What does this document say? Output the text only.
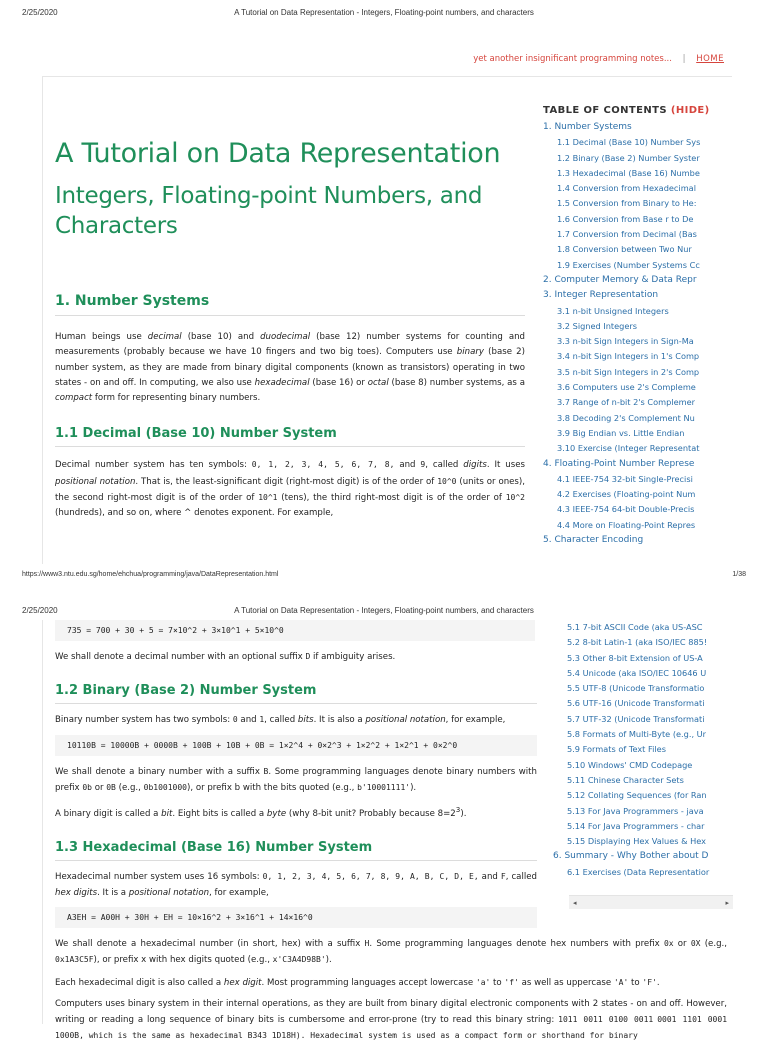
2/25/2020	A Tutorial on Data Representation - Integers, Floating-point numbers, and characters
yet another insignificant programming notes... | HOME
A Tutorial on Data Representation
Integers, Floating-point Numbers, and Characters
1. Number Systems

Human beings use decimal (base 10) and duodecimal (base 12) number systems for counting and measurements (probably because we have 10 fingers and two big toes). Computers use binary (base 2) number system, as they are made from binary digital components (known as transistors) operating in two states - on and off. In computing, we also use hexadecimal (base 16) or octal (base 8) number systems, as a compact form for representing binary numbers.

1.1 Decimal (Base 10) Number System

Decimal number system has ten symbols: 0, 1, 2, 3, 4, 5, 6, 7, 8, and 9, called digits. It uses positional notation. That is, the least-significant digit (right-most digit) is of the order of 10^0 (units or ones), the second right-most digit is of the order of 10^1 (tens), the third right-most digit is of the order of 10^2 (hundreds), and so on, where ^ denotes exponent. For example,

TABLE OF CONTENTS (HIDE)
1. Number Systems
1.1 Decimal (Base 10) Number Sys
1.2 Binary (Base 2) Number Syster
1.3 Hexadecimal (Base 16) Numbe
1.4 Conversion from Hexadecimal
1.5 Conversion from Binary to He:
1.6 Conversion from Base r to De
1.7 Conversion from Decimal (Bas
1.8 Conversion between Two Nur
1.9 Exercises (Number Systems Cc
2. Computer Memory & Data Repr
3. Integer Representation
3.1 n-bit Unsigned Integers
3.2 Signed Integers
3.3 n-bit Sign Integers in Sign-Ma
3.4 n-bit Sign Integers in 1's Comp
3.5 n-bit Sign Integers in 2's Comp
3.6 Computers use 2's Compleme
3.7 Range of n-bit 2's Complemer
3.8 Decoding 2's Complement Nu
3.9 Big Endian vs. Little Endian
3.10 Exercise (Integer Representat
4. Floating-Point Number Represe
4.1 IEEE-754 32-bit Single-Precisi
4.2 Exercises (Floating-point Num
4.3 IEEE-754 64-bit Double-Precis
4.4 More on Floating-Point Repres
5. Character Encoding
https://www3.ntu.edu.sg/home/ehchua/programming/java/DataRepresentation.html	1/38
2/25/2020	A Tutorial on Data Representation - Integers, Floating-point numbers, and characters
735 = 700 + 30 + 5 = 7×10^2 + 3×10^1 + 5×10^0

We shall denote a decimal number with an optional suffix D if ambiguity arises.

1.2 Binary (Base 2) Number System

Binary number system has two symbols: 0 and 1, called bits. It is also a positional notation, for example,

10110B = 10000B + 0000B + 100B + 10B + 0B = 1×2^4 + 0×2^3 + 1×2^2 + 1×2^1 + 0×2^0

We shall denote a binary number with a suffix B. Some programming languages denote binary numbers with prefix 0b or 0B (e.g., 0b1001000), or prefix b with the bits quoted (e.g., b'10001111').

A binary digit is called a bit. Eight bits is called a byte (why 8-bit unit? Probably because $8=2^3$).

1.3 Hexadecimal (Base 16) Number System

Hexadecimal number system uses 16 symbols: 0, 1, 2, 3, 4, 5, 6, 7, 8, 9, A, B, C, D, E, and F, called hex digits. It is a positional notation, for example,

A3EH = A00H + 30H + EH = 10×16^2 + 3×16^1 + 14×16^0

We shall denote a hexadecimal number (in short, hex) with a suffix H. Some programming languages denote hex numbers with prefix 0x or 0X (e.g., 0x1A3C5F), or prefix x with hex digits quoted (e.g., x'C3A4D98B').

Each hexadecimal digit is also called a hex digit. Most programming languages accept lowercase 'a' to 'f' as well as uppercase 'A' to 'F'.

Computers uses binary system in their internal operations, as they are built from binary digital electronic components with 2 states - on and off. However, writing or reading a long sequence of binary bits is cumbersome and error-prone (try to read this binary string: 1011 0011 0100 0011 0001 1101 0001 1000B, which is the same as hexadecimal B343 1D18H). Hexadecimal system is used as a compact form or shorthand for binary

5.1 7-bit ASCII Code (aka US-ASC
5.2 8-bit Latin-1 (aka ISO/IEC 885!
5.3 Other 8-bit Extension of US-A
5.4 Unicode (aka ISO/IEC 10646 U
5.5 UTF-8 (Unicode Transformatio
5.6 UTF-16 (Unicode Transformati
5.7 UTF-32 (Unicode Transformati
5.8 Formats of Multi-Byte (e.g., Ur
5.9 Formats of Text Files
5.10 Windows' CMD Codepage
5.11 Chinese Character Sets
5.12 Collating Sequences (for Ran
5.13 For Java Programmers - java
5.14 For Java Programmers - char
5.15 Displaying Hex Values & Hex
6. Summary - Why Bother about D
6.1 Exercises (Data Representatior
◂	▸
